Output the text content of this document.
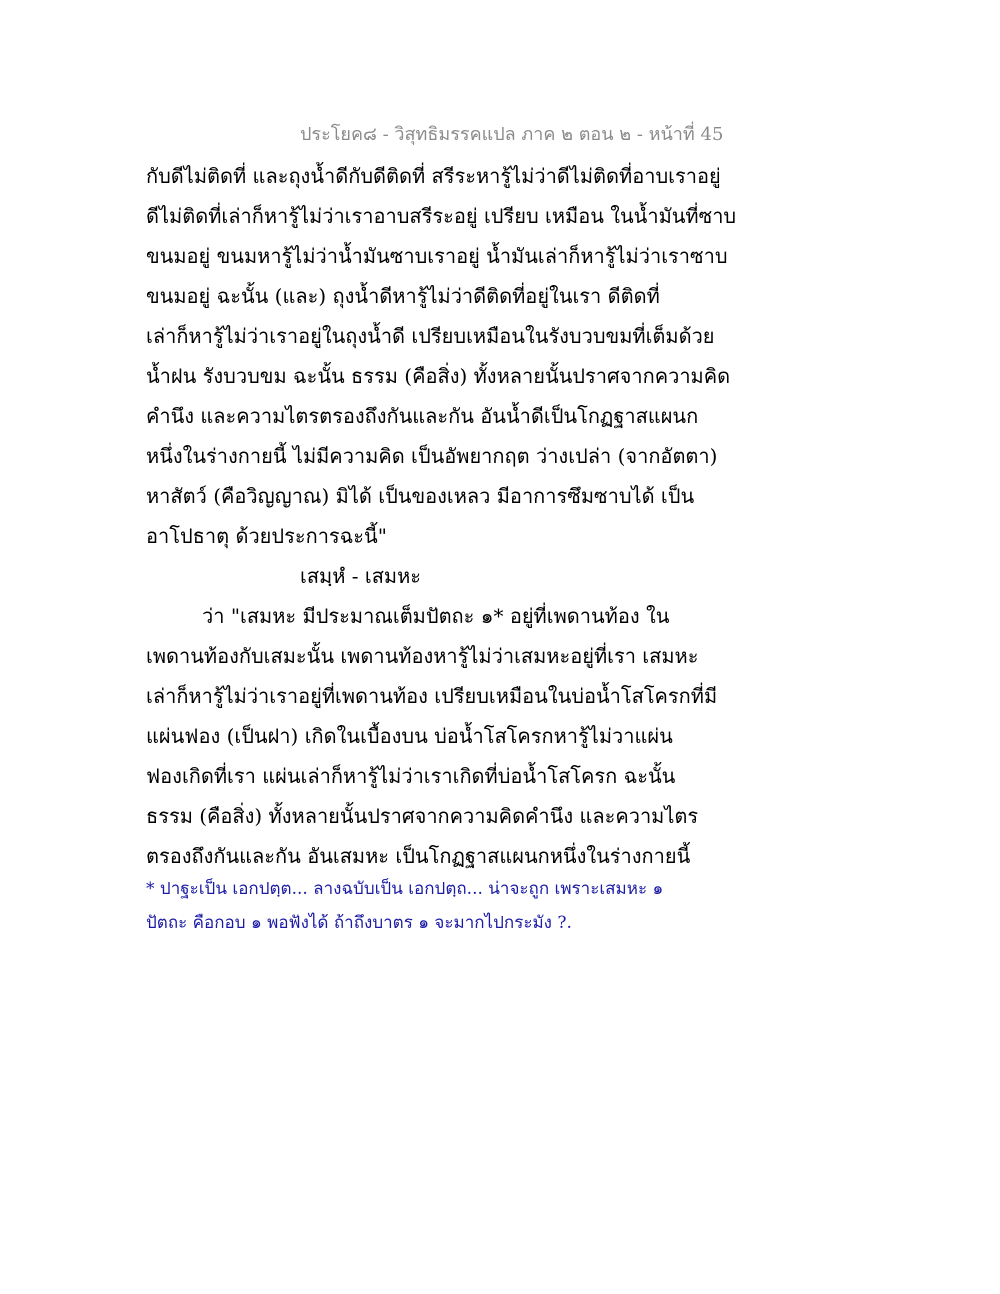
ประโยค๘ - วิสุทธิมรรคแปล ภาค ๒ ตอน ๒ - หน้าที่ 45
กับดีไม่ติดที่ และถุงน้ำดีกับดีติดที่ สรีระหารู้ไม่ว่าดีไม่ติดที่อาบเราอยู่
ดีไม่ติดที่เล่าก็หารู้ไม่ว่าเราอาบสรีระอยู่ เปรียบ เหมือน ในน้ำมันที่ซาบ
ขนมอยู่ ขนมหารู้ไม่ว่าน้ำมันซาบเราอยู่ น้ำมันเล่าก็หารู้ไม่ว่าเราซาบ
ขนมอยู่ ฉะนั้น (และ) ถุงน้ำดีหารู้ไม่ว่าดีติดที่อยู่ในเรา ดีติดที่
เล่าก็หารู้ไม่ว่าเราอยู่ในถุงน้ำดี เปรียบเหมือนในรังบวบขมที่เต็มด้วย
น้ำฝน รังบวบขม ฉะนั้น ธรรม (คือสิ่ง) ทั้งหลายนั้นปราศจากความคิด
คำนึง และความไตรตรองถึงกันและกัน อันน้ำดีเป็นโกฏฐาสแผนก
หนึ่งในร่างกายนี้ ไม่มีความคิด เป็นอัพยากฤต ว่างเปล่า (จากอัตตา)
หาสัตว์ (คือวิญญาณ) มิได้ เป็นของเหลว มีอาการซึมซาบได้ เป็น
อาโปธาตุ ด้วยประการฉะนี้"
เสมฺหํ - เสมหะ
ว่า "เสมหะ มีประมาณเต็มปัตถะ ๑* อยู่ที่เพดานท้อง ใน
เพดานท้องกับเสมะนั้น เพดานท้องหารู้ไม่ว่าเสมหะอยู่ที่เรา เสมหะ
เล่าก็หารู้ไม่ว่าเราอยู่ที่เพดานท้อง เปรียบเหมือนในบ่อน้ำโสโครกที่มี
แผ่นฟอง (เป็นฝา) เกิดในเบื้องบน บ่อน้ำโสโครกหารู้ไม่วาแผ่น
ฟองเกิดที่เรา แผ่นเล่าก็หารู้ไม่ว่าเราเกิดที่บ่อน้ำโสโครก ฉะนั้น
ธรรม (คือสิ่ง) ทั้งหลายนั้นปราศจากความคิดคำนึง และความไตร
ตรองถึงกันและกัน อันเสมหะ เป็นโกฏฐาสแผนกหนึ่งในร่างกายนี้
* ปาฐะเป็น เอกปตฺต... ลางฉบับเป็น เอกปตฺถ... น่าจะถูก เพราะเสมหะ ๑
ปัตถะ คือกอบ ๑ พอฟังได้ ถ้าถึงบาตร ๑ จะมากไปกระมัง ?.
